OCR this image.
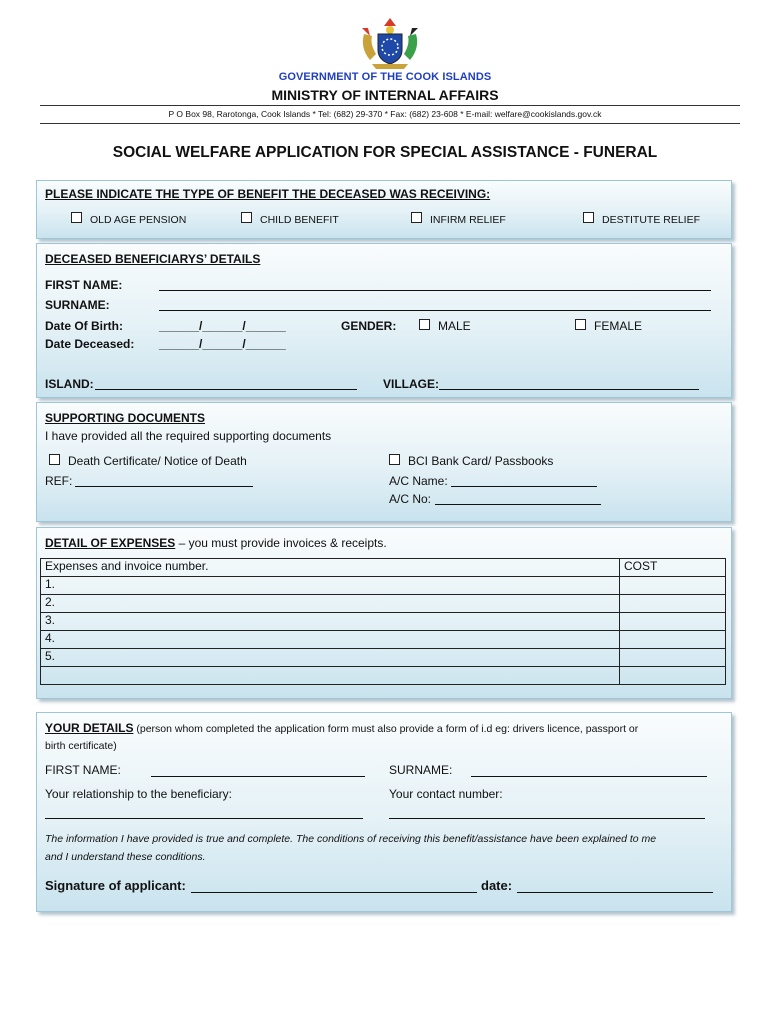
GOVERNMENT OF THE COOK ISLANDS
MINISTRY OF INTERNAL AFFAIRS
P O Box 98, Rarotonga, Cook Islands * Tel: (682) 29-370 * Fax: (682) 23-608 * E-mail: welfare@cookislands.gov.ck
SOCIAL WELFARE APPLICATION FOR SPECIAL ASSISTANCE - FUNERAL
PLEASE INDICATE THE TYPE OF BENEFIT THE DECEASED WAS RECEIVING:
OLD AGE PENSION	CHILD BENEFIT	INFIRM RELIEF	DESTITUTE RELIEF
DECEASED BENEFICIARYS’ DETAILS
FIRST NAME:
SURNAME:
Date Of Birth:	______/______/______	GENDER:	MALE	FEMALE
Date Deceased: ______/______/______
ISLAND:	VILLAGE:
SUPPORTING DOCUMENTS
I have provided all the required supporting documents
Death Certificate/ Notice of Death
REF:
BCI Bank Card/ Passbooks
A/C Name:
A/C No:
DETAIL OF EXPENSES – you must provide invoices & receipts.
Expenses and invoice number.	COST
1.	
2.	
3.	
4.	
5.	

YOUR DETAILS (person whom completed the application form must also provide a form of i.d eg: drivers licence, passport or
birth certificate)
FIRST NAME:	SURNAME:
Your relationship to the beneficiary:	Your contact number:
The information I have provided is true and complete. The conditions of receiving this benefit/assistance have been explained to me
and I understand these conditions.
Signature of applicant:	date:
